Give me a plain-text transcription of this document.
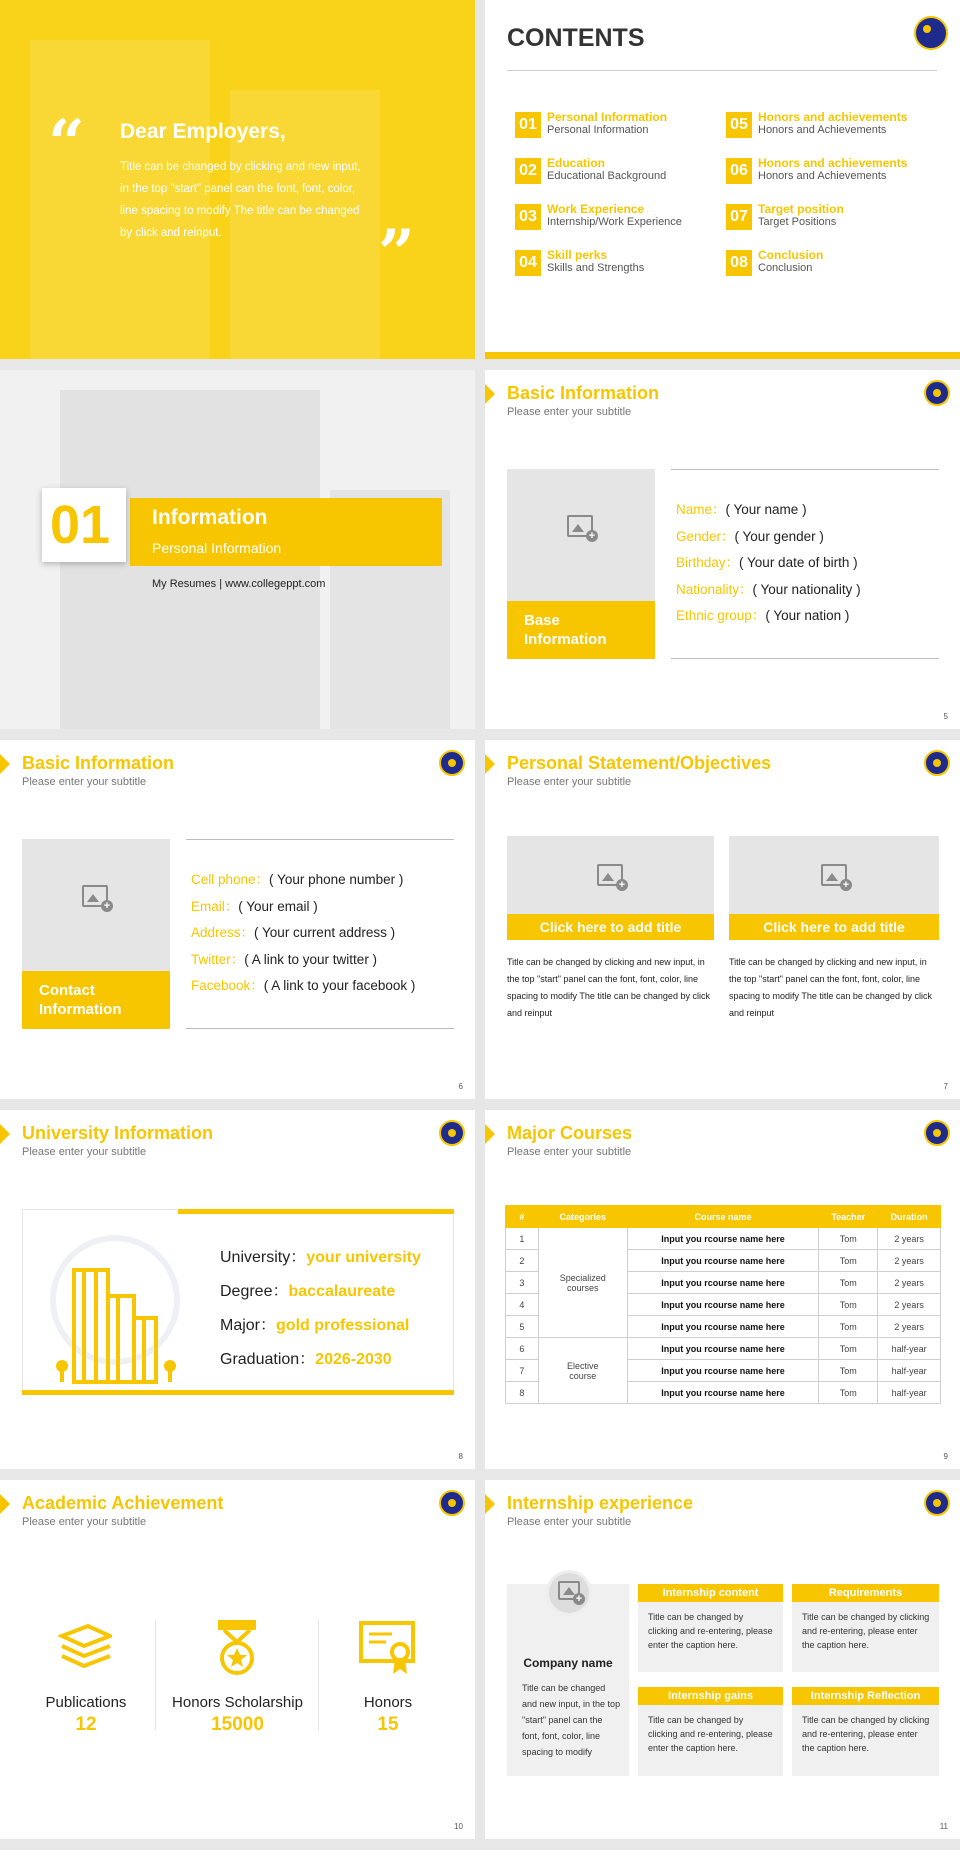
“ Dear Employers,
Title can be changed by clicking and new input, in the top "start" panel can the font, font, color, line spacing to modify The title can be changed by click and reinput.	”
CONTENTS
01 Personal Information
Personal Information
02 Education
Educational Background
03 Work Experience
Internship/Work Experience
04 Skill perks
Skills and Strengths
05 Honors and achievements
Honors and Achievements
06 Honors and achievements
Honors and Achievements
07 Target position
Target Positions
08 Conclusion
Conclusion
01 Information
Personal Information
My Resumes | www.collegeppt.com
Basic Information
Please enter your subtitle
+
Base Information
Name：( Your name )
Gender：( Your gender )
Birthday：( Your date of birth )
Nationality：( Your nationality )
Ethnic group：( Your nation )
5
Basic Information
Please enter your subtitle
+
Contact Information
Cell phone：( Your phone number )
Email：( Your email )
Address：( Your current address )
Twitter：( A link to your twitter )
Facebook：( A link to your facebook )
6
Personal Statement/Objectives
Please enter your subtitle
+
Click here to add title
Title can be changed by clicking and new input, in the top "start" panel can the font, font, color, line spacing to modify The title can be changed by click and reinput
+
Click here to add title
Title can be changed by clicking and new input, in the top "start" panel can the font, font, color, line spacing to modify The title can be changed by click and reinput
7
University Information
Please enter your subtitle
University：your university
Degree：baccalaureate
Major：gold professional
Graduation：2026-2030
8
Major Courses
Please enter your subtitle
#	Categories	Course name	Teacher	Duration
1	Specialized courses	Input you rcourse name here	Tom	2 years
2		Input you rcourse name here	Tom	2 years
3		Input you rcourse name here	Tom	2 years
4		Input you rcourse name here	Tom	2 years
5		Input you rcourse name here	Tom	2 years
6	Elective course	Input you rcourse name here	Tom	half-year
7		Input you rcourse name here	Tom	half-year
8		Input you rcourse name here	Tom	half-year
9
Academic Achievement
Please enter your subtitle
Publications
12
Honors Scholarship
15000
Honors
15
10
Internship experience
Please enter your subtitle
Company name
Title can be changed and new input, in the top "start" panel can the font, font, color, line spacing to modify
+
Internship content
Title can be changed by clicking and re-entering, please enter the caption here.
Requirements
Title can be changed by clicking and re-entering, please enter the caption here.
Internship gains
Title can be changed by clicking and re-entering, please enter the caption here.
Internship Reflection
Title can be changed by clicking and re-entering, please enter the caption here.
11
